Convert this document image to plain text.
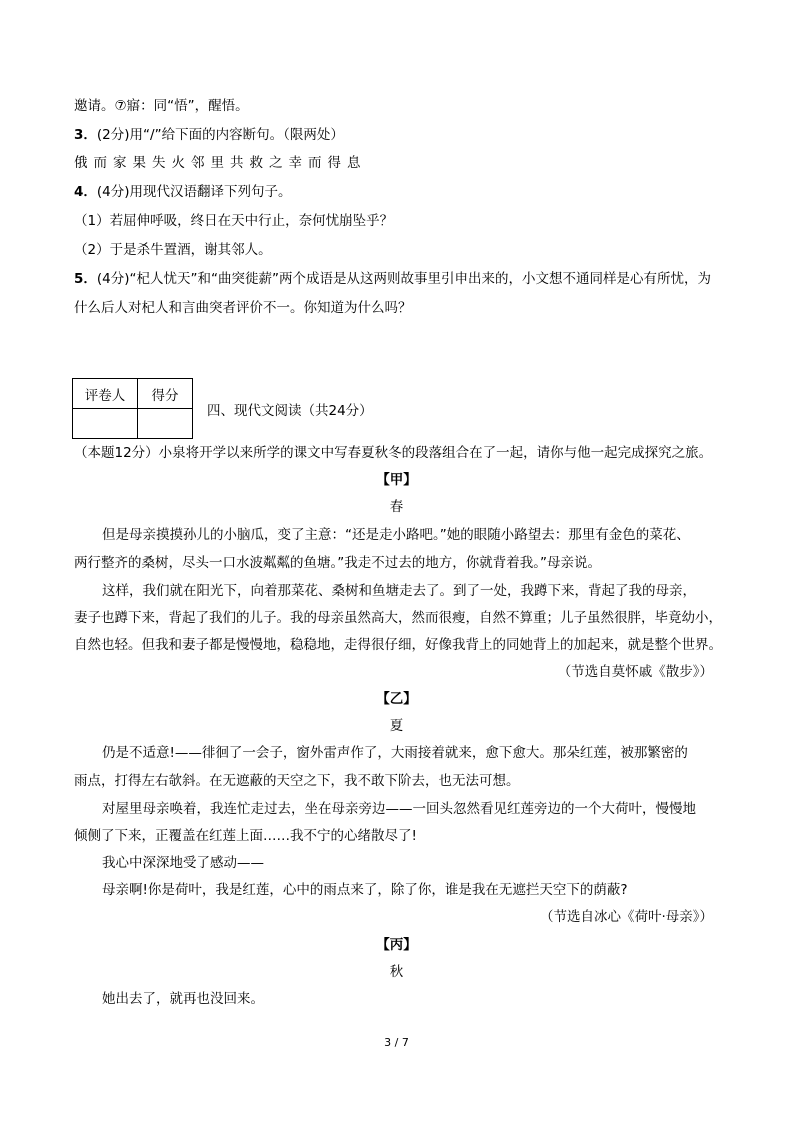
邀请。⑦寤：同“悟”，醒悟。
3．(2分)用“/”给下面的内容断句。（限两处）
俄而家果失火邻里共救之幸而得息
4．(4分)用现代汉语翻译下列句子。
（1）若屈伸呼吸，终日在天中行止，奈何忧崩坠乎？
（2）于是杀牛置酒，谢其邻人。
5．(4分)“杞人忧天”和“曲突徙薪”两个成语是从这两则故事里引申出来的，小文想不通同样是心有所忧，为
什么后人对杞人和言曲突者评价不一。你知道为什么吗？
评卷人	得分

四、现代文阅读（共24分）
（本题12分）小泉将开学以来所学的课文中写春夏秋冬的段落组合在了一起，请你与他一起完成探究之旅。
【甲】
春
但是母亲摸摸孙儿的小脑瓜，变了主意：“还是走小路吧。”她的眼随小路望去：那里有金色的菜花、
两行整齐的桑树，尽头一口水波粼粼的鱼塘。”我走不过去的地方，你就背着我。”母亲说。
这样，我们就在阳光下，向着那菜花、桑树和鱼塘走去了。到了一处，我蹲下来，背起了我的母亲，
妻子也蹲下来，背起了我们的儿子。我的母亲虽然高大，然而很瘦，自然不算重；儿子虽然很胖，毕竟幼小，
自然也轻。但我和妻子都是慢慢地，稳稳地，走得很仔细，好像我背上的同她背上的加起来，就是整个世界。
（节选自莫怀戚《散步》）
【乙】
夏
仍是不适意!——徘徊了一会子，窗外雷声作了，大雨接着就来，愈下愈大。那朵红莲，被那繁密的
雨点，打得左右欹斜。在无遮蔽的天空之下，我不敢下阶去，也无法可想。
对屋里母亲唤着，我连忙走过去，坐在母亲旁边——一回头忽然看见红莲旁边的一个大荷叶，慢慢地
倾侧了下来，正覆盖在红莲上面……我不宁的心绪散尽了!
我心中深深地受了感动——
母亲啊!你是荷叶，我是红莲，心中的雨点来了，除了你，谁是我在无遮拦天空下的荫蔽?
（节选自冰心《荷叶·母亲》）
【丙】
秋
她出去了，就再也没回来。
3 / 7
